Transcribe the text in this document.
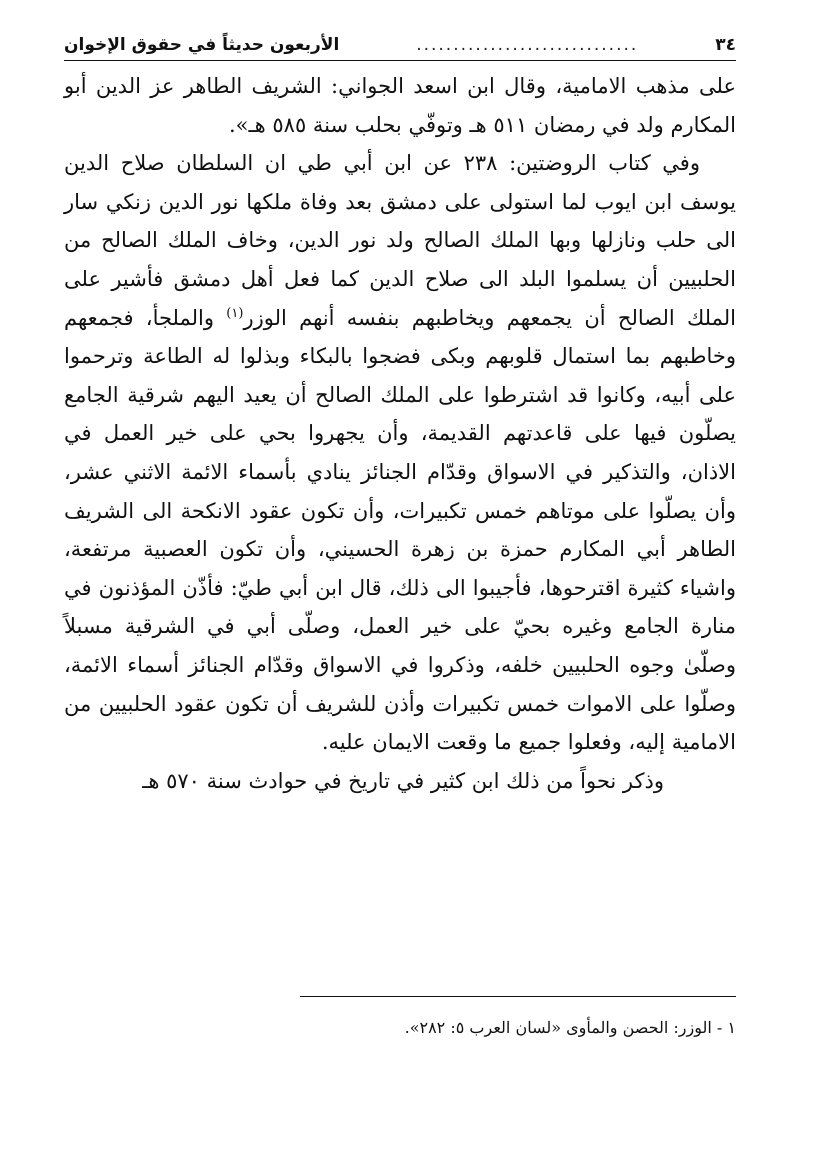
٣٤
..............................
الأربعون حديثاً في حقوق الإخوان

على مذهب الامامية، وقال ابن اسعد الجواني: الشريف الطاهر عز الدين أبو المكارم ولد في رمضان ٥١١ هـ وتوفّي بحلب سنة ٥٨٥ هـ».

وفي كتاب الروضتين: ٢٣٨ عن ابن أبي طي ان السلطان صلاح الدين يوسف ابن ايوب لما استولى على دمشق بعد وفاة ملكها نور الدين زنكي سار الى حلب ونازلها وبها الملك الصالح ولد نور الدين، وخاف الملك الصالح من الحلبيين أن يسلموا البلد الى صلاح الدين كما فعل أهل دمشق فأشير على الملك الصالح أن يجمعهم ويخاطبهم بنفسه أنهم الوزر$^{(١)}$ والملجأ، فجمعهم وخاطبهم بما استمال قلوبهم وبكى فضجوا بالبكاء وبذلوا له الطاعة وترحموا على أبيه، وكانوا قد اشترطوا على الملك الصالح أن يعيد اليهم شرقية الجامع يصلّون فيها على قاعدتهم القديمة، وأن يجهروا بحي على خير العمل في الاذان، والتذكير في الاسواق وقدّام الجنائز ينادي بأسماء الائمة الاثني عشر، وأن يصلّوا على موتاهم خمس تكبيرات، وأن تكون عقود الانكحة الى الشريف الطاهر أبي المكارم حمزة بن زهرة الحسيني، وأن تكون العصبية مرتفعة، واشياء كثيرة اقترحوها، فأجيبوا الى ذلك، قال ابن أبي طيّ: فأذّن المؤذنون في منارة الجامع وغيره بحيّ على خير العمل، وصلّى أبي في الشرقية مسبلاً وصلّىٰ وجوه الحلبيين خلفه، وذكروا في الاسواق وقدّام الجنائز أسماء الائمة، وصلّوا على الاموات خمس تكبيرات وأذن للشريف أن تكون عقود الحلبيين من الامامية إليه، وفعلوا جميع ما وقعت الايمان عليه.

وذكر نحواً من ذلك ابن كثير في تاريخ في حوادث سنة ٥٧٠ هـ

١ - الوزر: الحصن والمأوى «لسان العرب ٥: ٢٨٢».
